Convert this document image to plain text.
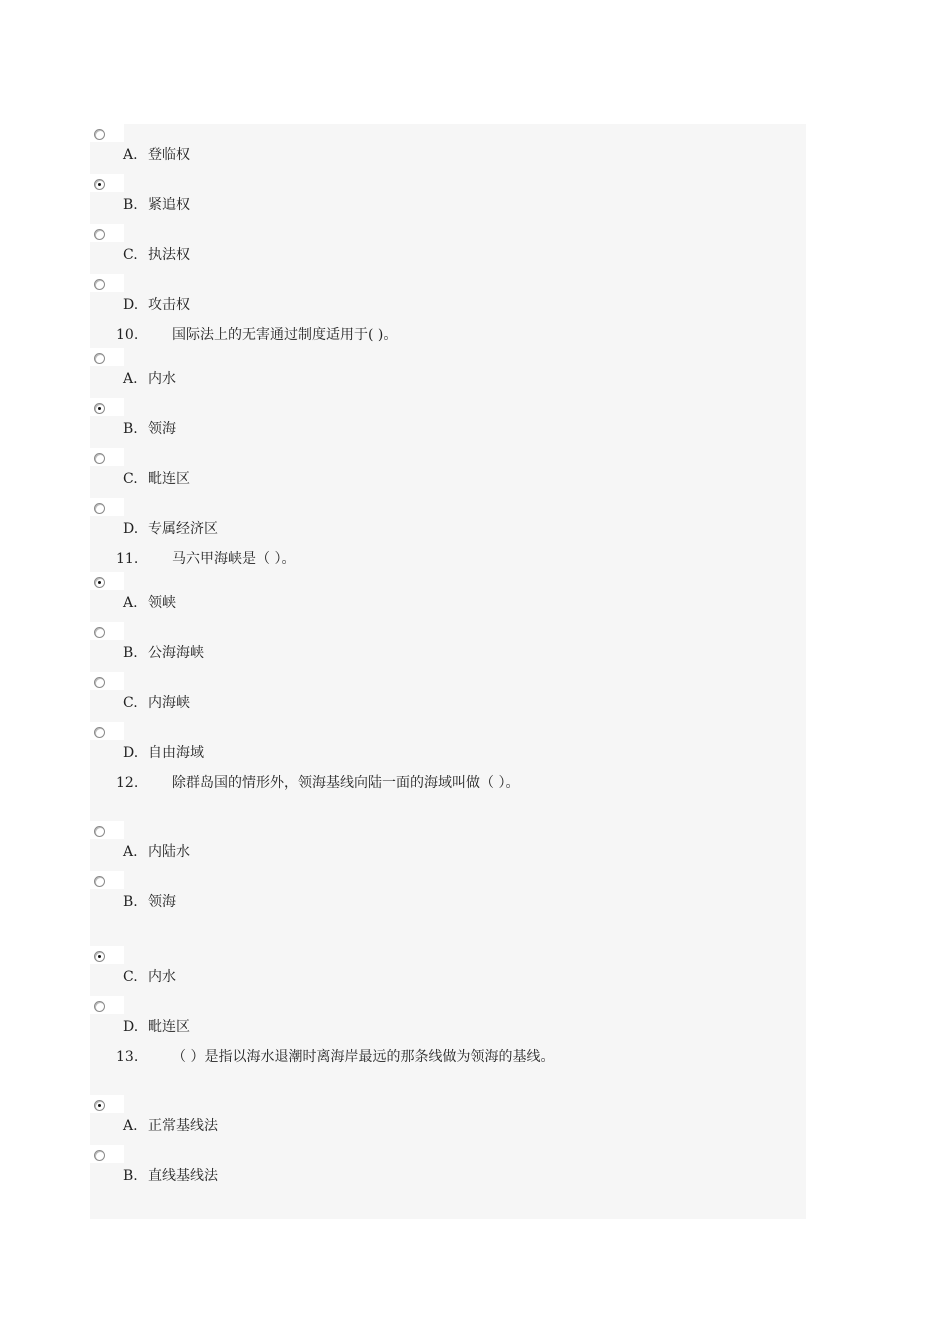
A. 登临权
B. 紧追权
C. 执法权
D. 攻击权
10. 国际法上的无害通过制度适用于( )。
A. 内水
B. 领海
C. 毗连区
D. 专属经济区
11. 马六甲海峡是（ ）。
A. 领峡
B. 公海海峡
C. 内海峡
D. 自由海域
12. 除群岛国的情形外，领海基线向陆一面的海域叫做（ ）。
A. 内陆水
B. 领海
C. 内水
D. 毗连区
13. （ ）是指以海水退潮时离海岸最远的那条线做为领海的基线。
A. 正常基线法
B. 直线基线法
